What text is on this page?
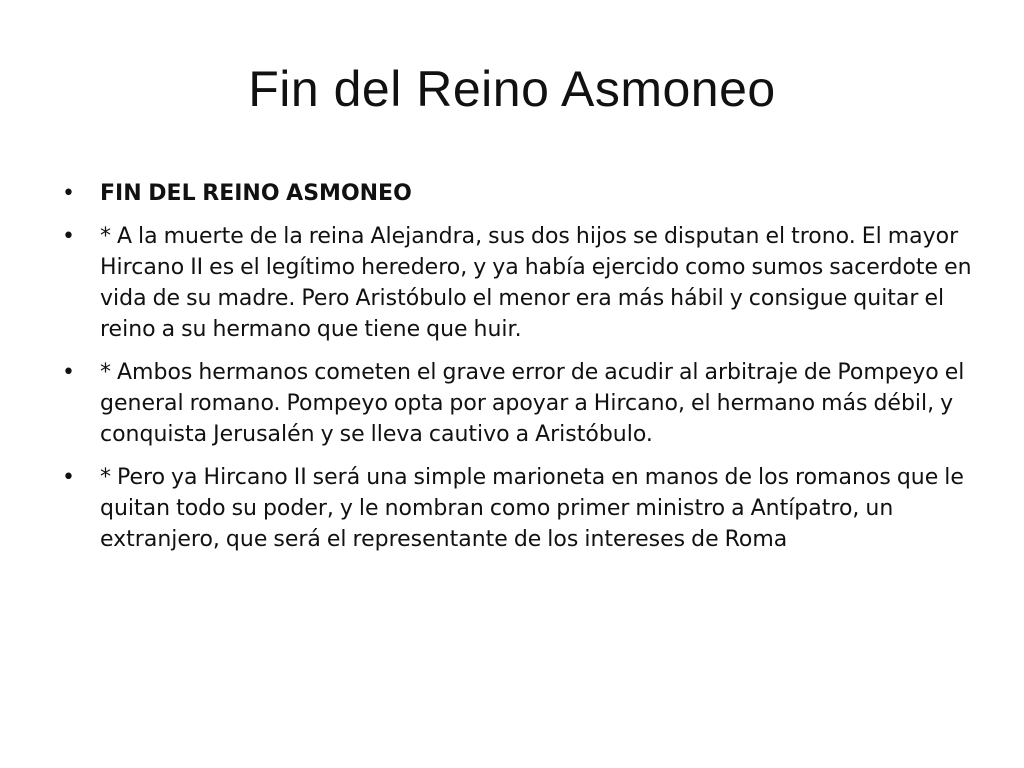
Fin del Reino Asmoneo
•	FIN DEL REINO ASMONEO
•	* A la muerte de la reina Alejandra, sus dos hijos se disputan el trono. El mayor Hircano II es el legítimo heredero, y ya había ejercido como sumos sacerdote en vida de su madre. Pero Aristóbulo el menor era más hábil y consigue quitar el reino a su hermano que tiene que huir.
•	* Ambos hermanos cometen el grave error de acudir al arbitraje de Pompeyo el general romano. Pompeyo opta por apoyar a Hircano, el hermano más débil, y conquista Jerusalén y se lleva cautivo a Aristóbulo.
•	* Pero ya Hircano II será una simple marioneta en manos de los romanos que le quitan todo su poder, y le nombran como primer ministro a Antípatro, un extranjero, que será el representante de los intereses de Roma
